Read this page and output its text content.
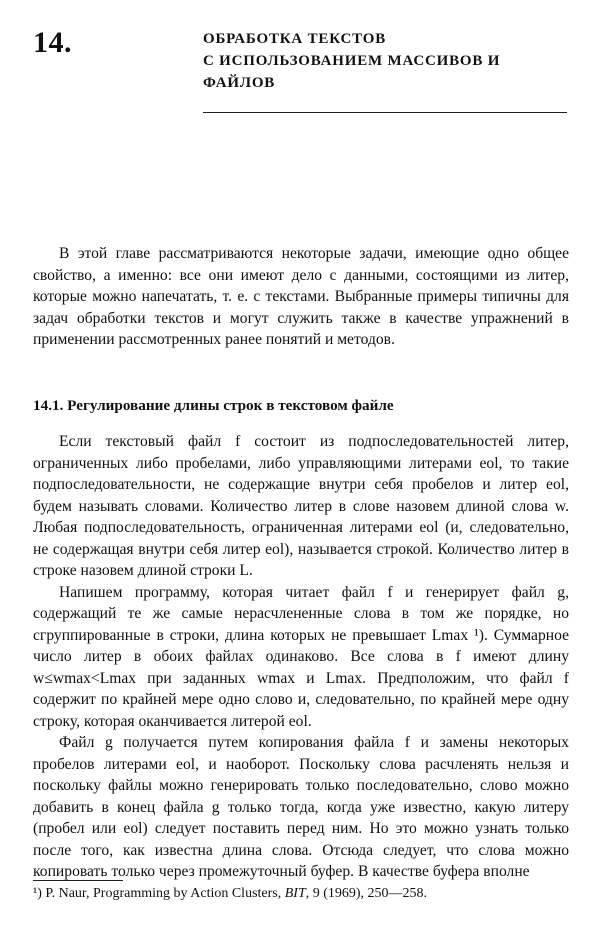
14.	ОБРАБОТКА ТЕКСТОВ
С ИСПОЛЬЗОВАНИЕМ МАССИВОВ И
ФАЙЛОВ

В этой главе рассматриваются некоторые задачи, имеющие одно общее свойство, а именно: все они имеют дело с данными, состоящими из литер, которые можно напечатать, т. е. с текстами. Выбранные примеры типичны для задач обработки текстов и могут служить также в качестве упражнений в применении рассмотренных ранее понятий и методов.

14.1. Регулирование длины строк в текстовом файле

Если текстовый файл f состоит из подпоследовательностей литер, ограниченных либо пробелами, либо управляющими литерами eol, то такие подпоследовательности, не содержащие внутри себя пробелов и литер eol, будем называть словами. Количество литер в слове назовем длиной слова w. Любая подпоследовательность, ограниченная литерами eol (и, следовательно, не содержащая внутри себя литер eol), называется строкой. Количество литер в строке назовем длиной строки L.

Напишем программу, которая читает файл f и генерирует файл g, содержащий те же самые нерасчлененные слова в том же порядке, но сгруппированные в строки, длина которых не превышает Lmax ¹). Суммарное число литер в обоих файлах одинаково. Все слова в f имеют длину w≤wmax<Lmax при заданных wmax и Lmax. Предположим, что файл f содержит по крайней мере одно слово и, следовательно, по крайней мере одну строку, которая оканчивается литерой eol.

Файл g получается путем копирования файла f и замены некоторых пробелов литерами eol, и наоборот. Поскольку слова расчленять нельзя и поскольку файлы можно генерировать только последовательно, слово можно добавить в конец файла g только тогда, когда уже известно, какую литеру (пробел или eol) следует поставить перед ним. Но это можно узнать только после того, как известна длина слова. Отсюда следует, что слова можно копировать только через промежуточный буфер. В качестве буфера вполне

¹) P. Naur, Programming by Action Clusters, BIT, 9 (1969), 250—258.
